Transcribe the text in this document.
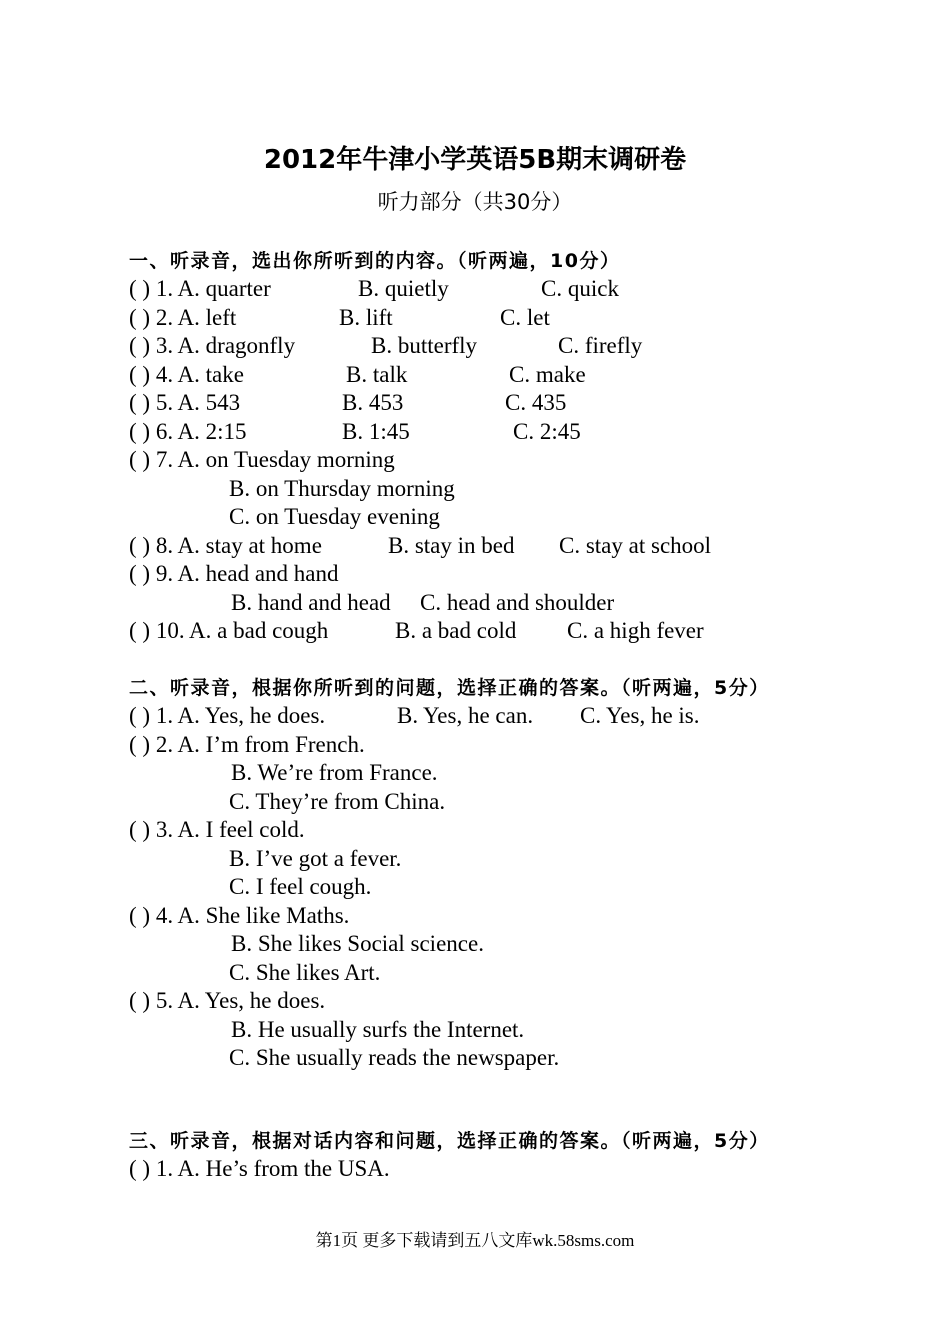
2012年牛津小学英语5B期末调研卷
听力部分（共30分）
一、听录音，选出你所听到的内容。（听两遍，10分）
( ) 1. A. quarter	B. quietly	C. quick
( ) 2. A. left	B. lift	C. let
( ) 3. A. dragonfly	B. butterfly	C. firefly
( ) 4. A. take	B. talk	C. make
( ) 5. A. 543	B. 453	C. 435
( ) 6. A. 2:15	B. 1:45	C. 2:45
( ) 7. A. on Tuesday morning
B. on Thursday morning
C. on Tuesday evening
( ) 8. A. stay at home	B. stay in bed C. stay at school
( ) 9. A. head and hand
B. hand and head C. head and shoulder
( ) 10. A. a bad cough	B. a bad cold C. a high fever
二、听录音，根据你所听到的问题，选择正确的答案。（听两遍，5分）
( ) 1. A. Yes, he does.	B. Yes, he can. C. Yes, he is.
( ) 2. A. I’m from French.
B. We’re from France.
C. They’re from China.
( ) 3. A. I feel cold.
B. I’ve got a fever.
C. I feel cough.
( ) 4. A. She like Maths.
B. She likes Social science.
C. She likes Art.
( ) 5. A. Yes, he does.
B. He usually surfs the Internet.
C. She usually reads the newspaper.
三、听录音，根据对话内容和问题，选择正确的答案。（听两遍，5分）
( ) 1. A. He’s from the USA.
第1页 更多下载请到五八文库wk.58sms.com
